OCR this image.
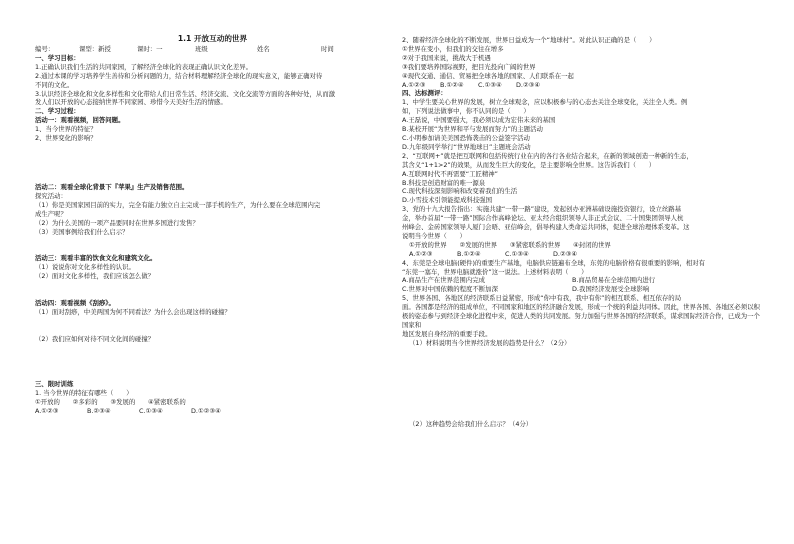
1.1 开放互动的世界
编号：	课型：新授	课时：一	班级	姓名	时间
一、学习目标：
1.正确认识我们生活的共同家园，了解经济全球化的表现正确认识文化差异。
2.通过本课的学习培养学生善待和分析问题的力，结合材料理解经济全球化的现实意义，能够正确对待
不同的文化。
3.认识经济全球化和文化多样性和文化带给人们日常生活、经济交流、文化交流等方面的各种好处，从而激
发人们以开放的心态接纳世界不同家园、珍惜今天美好生活的情感。
二、学习过程：
活动一：观看视频，回答问题。
1、当今世界的特征？
2、世界变化的影响？
活动二：观看全球化背景下『苹果』生产及销售范围。
探究活动：
（1）你是美国家园目前的实力，完全有能力独立自主完成一部手机的生产，为什么要在全球范围内完
成生产呢？
（2）为什么美国的一项产品要同时在世界多国进行发售？
（3）美国事例给我们什么启示？
活动三：观看丰富的饮食文化和建筑文化。
（1）说说你对文化多样性的认识。
（2）面对文化多样性，我们应该怎么做？
活动四：观看视频《刮痧》。
（1）面对刮痧，中美两国为何不同看法？为什么会出现这样的碰撞？
（2）我们应如何对待不同文化间的碰撞？
三、限时训练
1. 当今世界的特征有哪些（　　）
①开放的　　②多彩的　　③发展的　　④紧密联系的
A.①②③	B.②③④	C.①③④	D.①②③④
2、随着经济全球化的不断发展，世界日益成为一个“地球村”。对此认识正确的是（　　）
①世界在变小，但我们的交往在增多
②对于我国来说，挑战大于机遇
③我们要培养国际视野，把目光投向广阔的世界
④现代交通、通信、贸易把全球各地的国家、人们联系在一起
A.①②③	B.①②④	C.①③④	D.②③④
四、达标测评：
1、中学生要关心世界的发展，树立全球观念，应以积极参与的心态去关注全球变化，关注全人类。例
如，下列说法做事中，你不认同的是（　　）
A.王磊说，中国要强大，我必须以成为宏伟未来的基国
B.某校开展“为世界和平与发展而努力”的主题活动
C.小明参加请美美国恐怖袭击的公益签字活动
D.九年级同学举行“世界地球日”主题班会活动
2、“互联网+”就是把互联网和包括传统行业在内的各行各业结合起来，在新的领域创造一种新的生态，
其含义“1+1>2”的效果，从而发生巨大的变化，是主要影响全世界。这告诉我们（　　）
A.互联网时代不再需要“工匠精神”
B.科技是创造财富的唯一源泉
C.现代科技深刻影响和改变着我们的生活
D.小雪技术引领能提成科技强国
3、党的十九大报告指出：实施共建“一带一路”建设，发起创办亚洲基础设施投资银行，设立丝路基
金，举办首届“一带一路”国际合作高峰论坛、亚太经合组织领导人非正式会议、二十国集团领导人杭
州峰会、金砖国家领导人厦门会晤、亚信峰会，倡导构建人类命运共同体，促进全球治理体系变革。这
说明当今世界（　　）
①开放的世界　　②发展的世界　　③紧密联系的世界　　④封闭的世界
A.①②③	B.①②④	C.①③④	D.②③④
4、东莞是全球电脑(硬件)的重要生产基地，电脑供应链遍布全球，东莞的电脑价格有很重要的影响，相对有
“东莞一塞车，世界电脑就涨价”这一说法。上述材料表明（　　）
A.商品生产在世界范围内完成	B.商品贸易在全球范围内进行
C.世界对中国依赖的程度不断加深	D.我国经济发展受全球影响
5、世界各国、各地区的经济联系日益紧密，形成“你中有我，我中有你”的相互联系、相互依存的局
面。各国都是经济的组成单位，不同国家和地区的经济融合发展，形成一个统的利益共同体。因此，世界各国、各地区必须以积
极的姿态参与到经济全球化进程中来，促进人类的共同发展。努力加强与世界各国的经济联系，谋求国际经济合作，已成为一个国家和
地区发展自身经济的重要手段。
（1）材料说明当今世界经济发展的趋势是什么？（2分）
（2）这种趋势会给我们什么启示？（4分）
